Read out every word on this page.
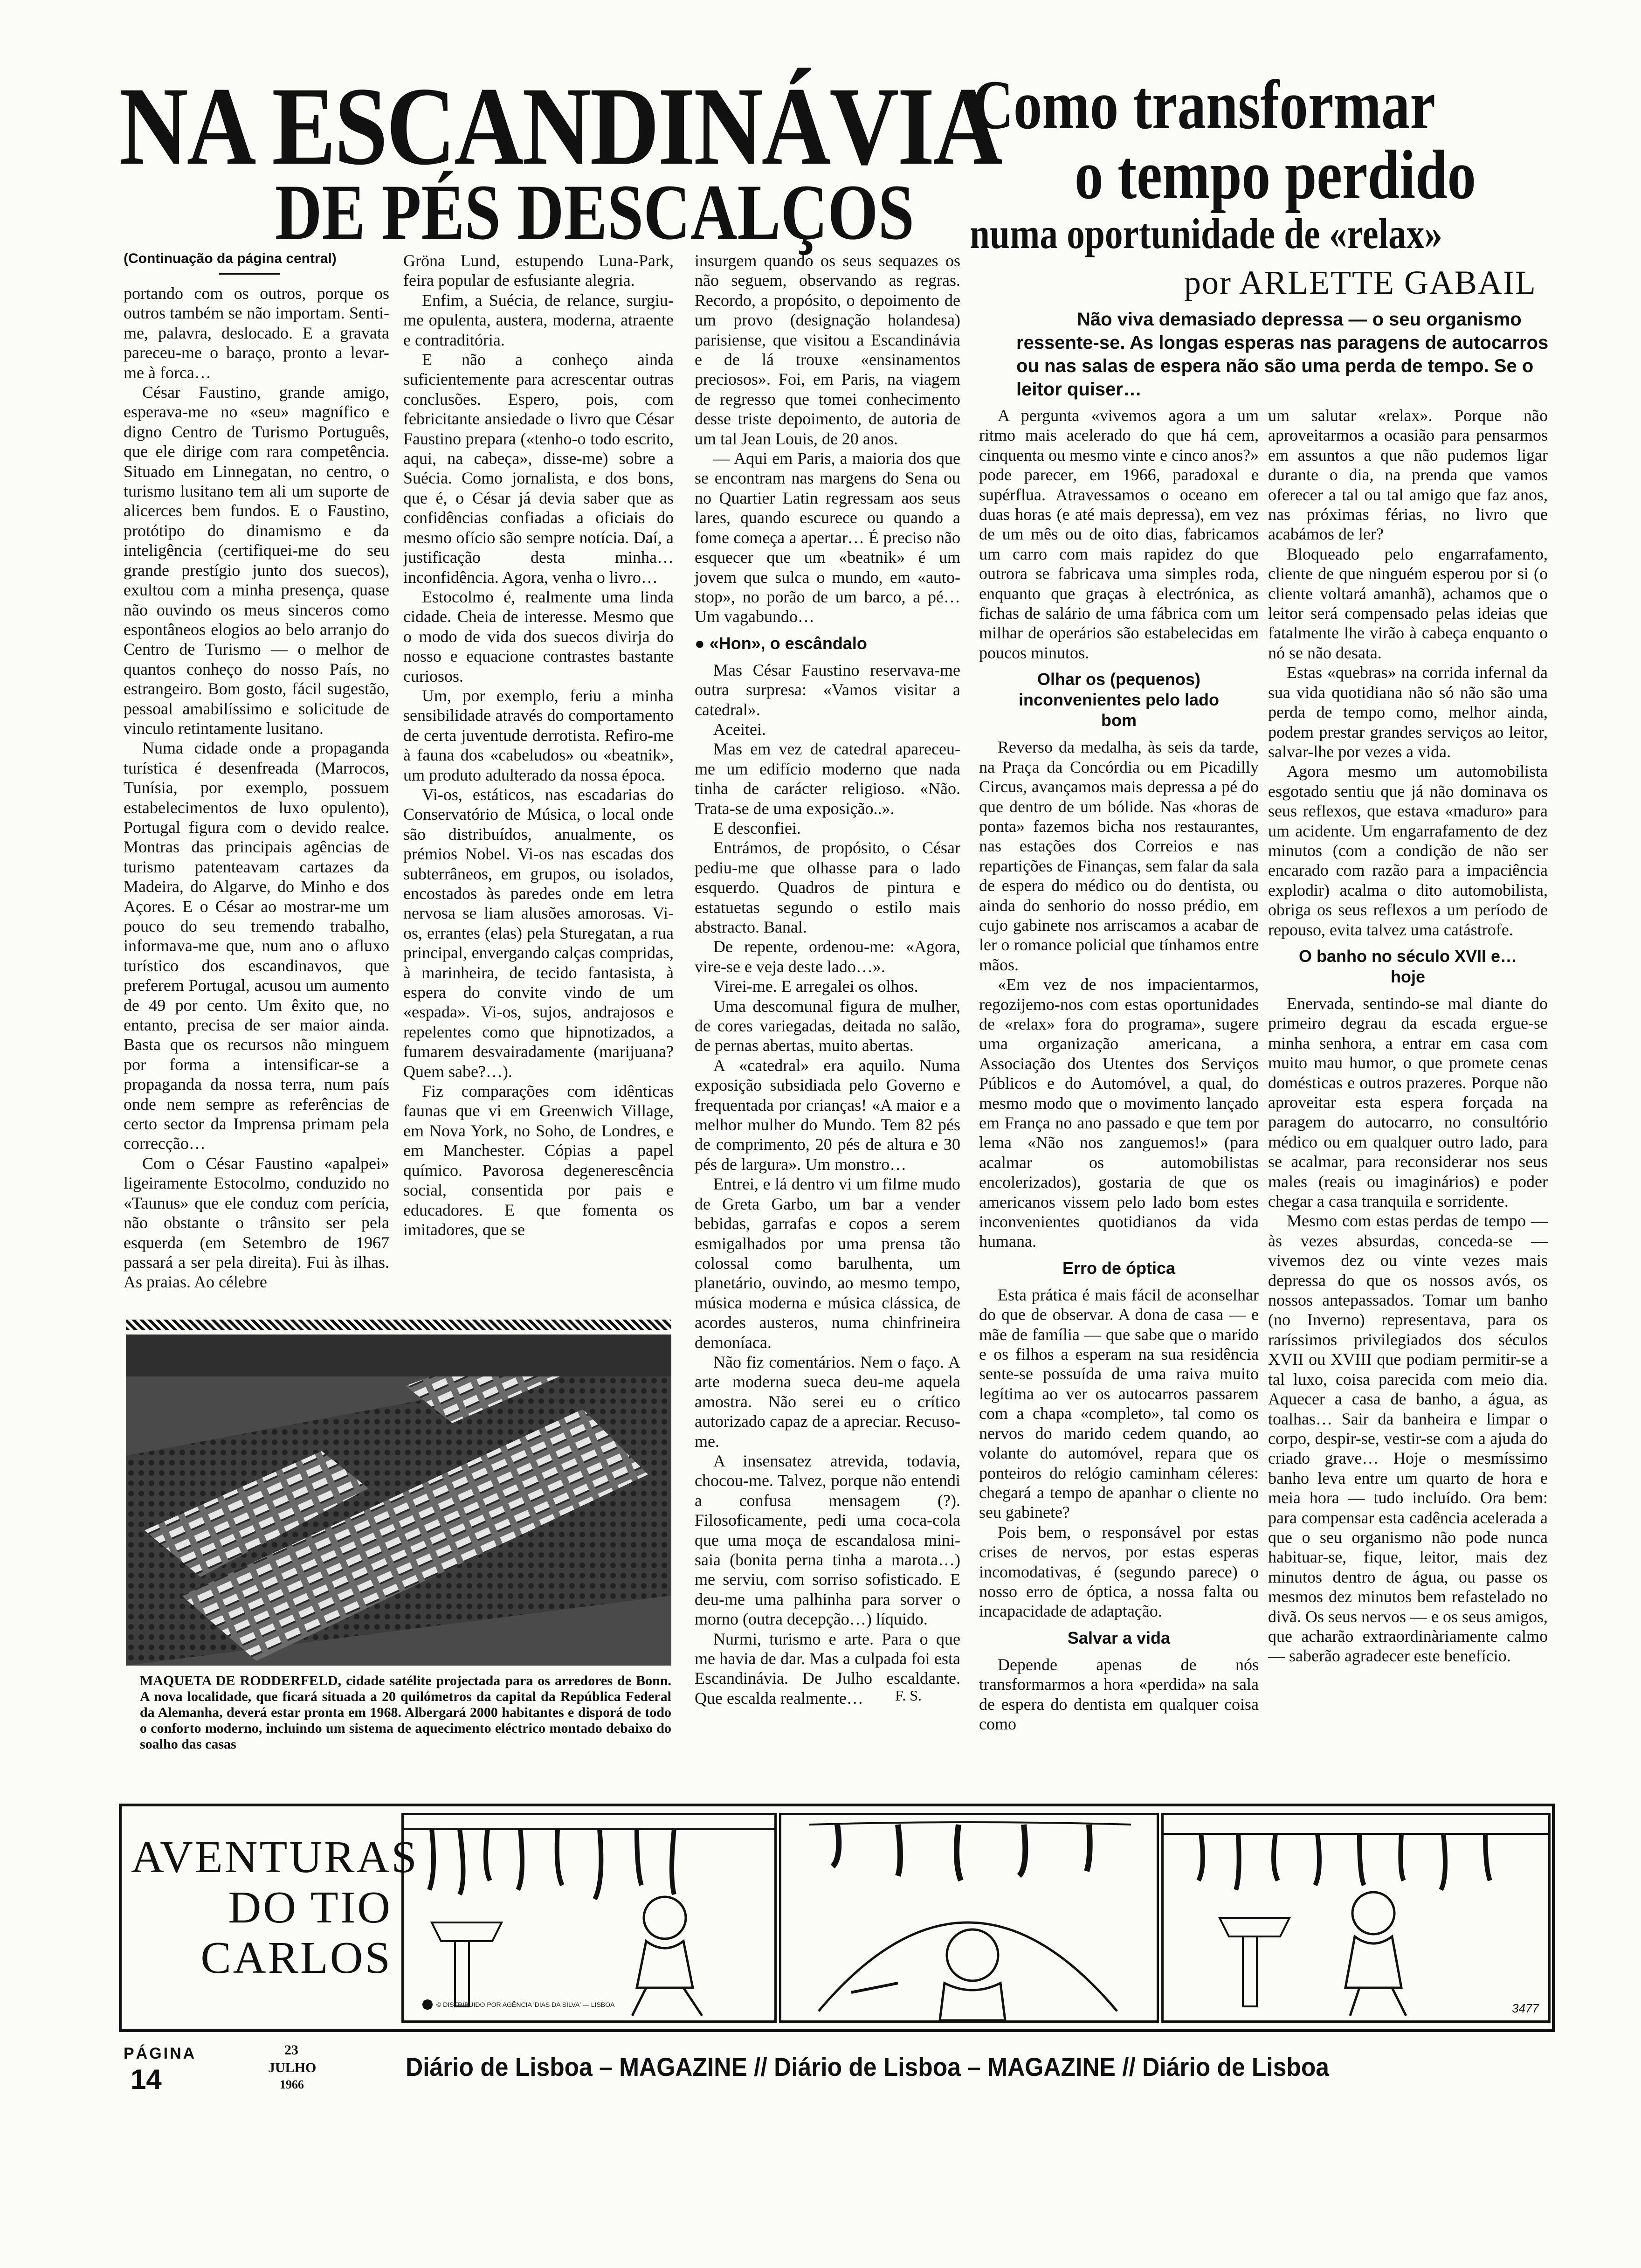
NA ESCANDINÁVIA
DE PÉS DESCALÇOS
(Continuação da página central)

portando com os outros, porque os outros também se não importam. Senti-me, palavra, deslocado. E a gravata pareceu-me o baraço, pronto a levar-me à forca…

César Faustino, grande amigo, esperava-me no «seu» magnífico e digno Centro de Turismo Português, que ele dirige com rara competência. Situado em Linnegatan, no centro, o turismo lusitano tem ali um suporte de alicerces bem fundos. E o Faustino, protótipo do dinamismo e da inteligência (certifiquei-me do seu grande prestígio junto dos suecos), exultou com a minha presença, quase não ouvindo os meus sinceros como espontâneos elogios ao belo arranjo do Centro de Turismo — o melhor de quantos conheço do nosso País, no estrangeiro. Bom gosto, fácil sugestão, pessoal amabilíssimo e solicitude de vinculo retintamente lusitano.

Numa cidade onde a propaganda turística é desenfreada (Marrocos, Tunísia, por exemplo, possuem estabelecimentos de luxo opulento), Portugal figura com o devido realce. Montras das principais agências de turismo patenteavam cartazes da Madeira, do Algarve, do Minho e dos Açores. E o César ao mostrar-me um pouco do seu tremendo trabalho, informava-me que, num ano o afluxo turístico dos escandinavos, que preferem Portugal, acusou um aumento de 49 por cento. Um êxito que, no entanto, precisa de ser maior ainda. Basta que os recursos não minguem por forma a intensificar-se a propaganda da nossa terra, num país onde nem sempre as referências de certo sector da Imprensa primam pela correcção…

Com o César Faustino «apalpei» ligeiramente Estocolmo, conduzido no «Taunus» que ele conduz com perícia, não obstante o trânsito ser pela esquerda (em Setembro de 1967 passará a ser pela direita). Fui às ilhas. As praias. Ao célebre

Gröna Lund, estupendo Luna-Park, feira popular de esfusiante alegria.

Enfim, a Suécia, de relance, surgiu-me opulenta, austera, moderna, atraente e contraditória.

E não a conheço ainda suficientemente para acrescentar outras conclusões. Espero, pois, com febricitante ansiedade o livro que César Faustino prepara («tenho-o todo escrito, aqui, na cabeça», disse-me) sobre a Suécia. Como jornalista, e dos bons, que é, o César já devia saber que as confidências confiadas a oficiais do mesmo ofício são sempre notícia. Daí, a justificação desta minha… inconfidência. Agora, venha o livro…

Estocolmo é, realmente uma linda cidade. Cheia de interesse. Mesmo que o modo de vida dos suecos divirja do nosso e equacione contrastes bastante curiosos.

Um, por exemplo, feriu a minha sensibilidade através do comportamento de certa juventude derrotista. Refiro-me à fauna dos «cabeludos» ou «beatnik», um produto adulterado da nossa época.

Vi-os, estáticos, nas escadarias do Conservatório de Música, o local onde são distribuídos, anualmente, os prémios Nobel. Vi-os nas escadas dos subterrâneos, em grupos, ou isolados, encostados às paredes onde em letra nervosa se liam alusões amorosas. Vi-os, errantes (elas) pela Sturegatan, a rua principal, envergando calças compridas, à marinheira, de tecido fantasista, à espera do convite vindo de um «espada». Vi-os, sujos, andrajosos e repelentes como que hipnotizados, a fumarem desvairadamente (marijuana? Quem sabe?…).

Fiz comparações com idênticas faunas que vi em Greenwich Village, em Nova York, no Soho, de Londres, e em Manchester. Cópias a papel químico. Pavorosa degenerescência social, consentida por pais e educadores. E que fomenta os imitadores, que se

insurgem quando os seus sequazes os não seguem, observando as regras. Recordo, a propósito, o depoimento de um provo (designação holandesa) parisiense, que visitou a Escandinávia e de lá trouxe «ensinamentos preciosos». Foi, em Paris, na viagem de regresso que tomei conhecimento desse triste depoimento, de autoria de um tal Jean Louis, de 20 anos.

— Aqui em Paris, a maioria dos que se encontram nas margens do Sena ou no Quartier Latin regressam aos seus lares, quando escurece ou quando a fome começa a apertar… É preciso não esquecer que um «beatnik» é um jovem que sulca o mundo, em «auto-stop», no porão de um barco, a pé… Um vagabundo…

● «Hon», o escândalo

Mas César Faustino reservava-me outra surpresa: «Vamos visitar a catedral».

Aceitei.

Mas em vez de catedral apareceu-me um edifício moderno que nada tinha de carácter religioso. «Não. Trata-se de uma exposição..».

E desconfiei.

Entrámos, de propósito, o César pediu-me que olhasse para o lado esquerdo. Quadros de pintura e estatuetas segundo o estilo mais abstracto. Banal.

De repente, ordenou-me: «Agora, vire-se e veja deste lado…».

Virei-me. E arregalei os olhos.

Uma descomunal figura de mulher, de cores variegadas, deitada no salão, de pernas abertas, muito abertas.

A «catedral» era aquilo. Numa exposição subsidiada pelo Governo e frequentada por crianças! «A maior e a melhor mulher do Mundo. Tem 82 pés de comprimento, 20 pés de altura e 30 pés de largura». Um monstro…

Entrei, e lá dentro vi um filme mudo de Greta Garbo, um bar a vender bebidas, garrafas e copos a serem esmigalhados por uma prensa tão colossal como barulhenta, um planetário, ouvindo, ao mesmo tempo, música moderna e música clássica, de acordes austeros, numa chinfrineira demoníaca.

Não fiz comentários. Nem o faço. A arte moderna sueca deu-me aquela amostra. Não serei eu o crítico autorizado capaz de a apreciar. Recuso-me.

A insensatez atrevida, todavia, chocou-me. Talvez, porque não entendi a confusa mensagem (?). Filosoficamente, pedi uma coca-cola que uma moça de escandalosa mini-saia (bonita perna tinha a marota…) me serviu, com sorriso sofisticado. E deu-me uma palhinha para sorver o morno (outra decepção…) líquido.

Nurmi, turismo e arte. Para o que me havia de dar. Mas a culpada foi esta Escandinávia. De Julho escaldante. Que escalda realmente…	F. S.
MAQUETA DE RODDERFELD, cidade satélite projectada para os arredores de Bonn. A nova localidade, que ficará situada a 20 quilómetros da capital da República Federal da Alemanha, deverá estar pronta em 1968. Albergará 2000 habitantes e disporá de todo o conforto moderno, incluindo um sistema de aquecimento eléctrico montado debaixo do soalho das casas
Como transformar
o tempo perdido
numa oportunidade de «relax»
por ARLETTE GABAIL
Não viva demasiado depressa — o seu organismo ressente-se. As longas esperas nas paragens de autocarros ou nas salas de espera não são uma perda de tempo. Se o leitor quiser…

A pergunta «vivemos agora a um ritmo mais acelerado do que há cem, cinquenta ou mesmo vinte e cinco anos?» pode parecer, em 1966, paradoxal e supérflua. Atravessamos o oceano em duas horas (e até mais depressa), em vez de um mês ou de oito dias, fabricamos um carro com mais rapidez do que outrora se fabricava uma simples roda, enquanto que graças à electrónica, as fichas de salário de uma fábrica com um milhar de operários são estabelecidas em poucos minutos.

Olhar os (pequenos) inconvenientes pelo lado bom

Reverso da medalha, às seis da tarde, na Praça da Concórdia ou em Picadilly Circus, avançamos mais depressa a pé do que dentro de um bólide. Nas «horas de ponta» fazemos bicha nos restaurantes, nas estações dos Correios e nas repartições de Finanças, sem falar da sala de espera do médico ou do dentista, ou ainda do senhorio do nosso prédio, em cujo gabinete nos arriscamos a acabar de ler o romance policial que tínhamos entre mãos.

«Em vez de nos impacientarmos, regozijemo-nos com estas oportunidades de «relax» fora do programa», sugere uma organização americana, a Associação dos Utentes dos Serviços Públicos e do Automóvel, a qual, do mesmo modo que o movimento lançado em França no ano passado e que tem por lema «Não nos zanguemos!» (para acalmar os automobilistas encolerizados), gostaria de que os americanos vissem pelo lado bom estes inconvenientes quotidianos da vida humana.

Erro de óptica

Esta prática é mais fácil de aconselhar do que de observar. A dona de casa — e mãe de família — que sabe que o marido e os filhos a esperam na sua residência sente-se possuída de uma raiva muito legítima ao ver os autocarros passarem com a chapa «completo», tal como os nervos do marido cedem quando, ao volante do automóvel, repara que os ponteiros do relógio caminham céleres: chegará a tempo de apanhar o cliente no seu gabinete?

Pois bem, o responsável por estas crises de nervos, por estas esperas incomodativas, é (segundo parece) o nosso erro de óptica, a nossa falta ou incapacidade de adaptação.

Salvar a vida

Depende apenas de nós transformarmos a hora «perdida» na sala de espera do dentista em qualquer coisa como

um salutar «relax». Porque não aproveitarmos a ocasião para pensarmos em assuntos a que não pudemos ligar durante o dia, na prenda que vamos oferecer a tal ou tal amigo que faz anos, nas próximas férias, no livro que acabámos de ler?

Bloqueado pelo engarrafamento, cliente de que ninguém esperou por si (o cliente voltará amanhã), achamos que o leitor será compensado pelas ideias que fatalmente lhe virão à cabeça enquanto o nó se não desata.

Estas «quebras» na corrida infernal da sua vida quotidiana não só não são uma perda de tempo como, melhor ainda, podem prestar grandes serviços ao leitor, salvar-lhe por vezes a vida.

Agora mesmo um automobilista esgotado sentiu que já não dominava os seus reflexos, que estava «maduro» para um acidente. Um engarrafamento de dez minutos (com a condição de não ser encarado com razão para a impaciência explodir) acalma o dito automobilista, obriga os seus reflexos a um período de repouso, evita talvez uma catástrofe.

O banho no século XVII e… hoje

Enervada, sentindo-se mal diante do primeiro degrau da escada ergue-se minha senhora, a entrar em casa com muito mau humor, o que promete cenas domésticas e outros prazeres. Porque não aproveitar esta espera forçada na paragem do autocarro, no consultório médico ou em qualquer outro lado, para se acalmar, para reconsiderar nos seus males (reais ou imaginários) e poder chegar a casa tranquila e sorridente.

Mesmo com estas perdas de tempo — às vezes absurdas, conceda-se — vivemos dez ou vinte vezes mais depressa do que os nossos avós, os nossos antepassados. Tomar um banho (no Inverno) representava, para os raríssimos privilegiados dos séculos XVII ou XVIII que podiam permitir-se a tal luxo, coisa parecida com meio dia. Aquecer a casa de banho, a água, as toalhas… Sair da banheira e limpar o corpo, despir-se, vestir-se com a ajuda do criado grave… Hoje o mesmíssimo banho leva entre um quarto de hora e meia hora — tudo incluído. Ora bem: para compensar esta cadência acelerada a que o seu organismo não pode nunca habituar-se, fique, leitor, mais dez minutos dentro de água, ou passe os mesmos dez minutos bem refastelado no divã. Os seus nervos — e os seus amigos, que acharão extraordinàriamente calmo — saberão agradecer este benefício.

AVENTURAS
DO TIO
CARLOS
© DISTRIBUIDO POR AGÊNCIA 'DIAS DA SILVA' — LISBOA	3477
PÁGINA
14
23
JULHO
1966
Diário de Lisboa – MAGAZINE // Diário de Lisboa – MAGAZINE // Diário de Lisboa
